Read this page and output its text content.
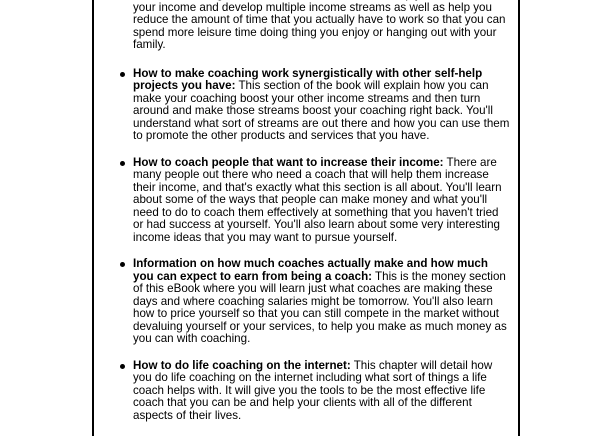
your income and develop multiple income streams as well as help you reduce the amount of time that you actually have to work so that you can spend more leisure time doing thing you enjoy or hanging out with your family.

How to make coaching work synergistically with other self-help projects you have: This section of the book will explain how you can make your coaching boost your other income streams and then turn around and make those streams boost your coaching right back. You'll understand what sort of streams are out there and how you can use them to promote the other products and services that you have.
How to coach people that want to increase their income: There are many people out there who need a coach that will help them increase their income, and that's exactly what this section is all about. You'll learn about some of the ways that people can make money and what you'll need to do to coach them effectively at something that you haven't tried or had success at yourself. You'll also learn about some very interesting income ideas that you may want to pursue yourself.
Information on how much coaches actually make and how much you can expect to earn from being a coach: This is the money section of this eBook where you will learn just what coaches are making these days and where coaching salaries might be tomorrow. You'll also learn how to price yourself so that you can still compete in the market without devaluing yourself or your services, to help you make as much money as you can with coaching.
How to do life coaching on the internet: This chapter will detail how you do life coaching on the internet including what sort of things a life coach helps with. It will give you the tools to be the most effective life coach that you can be and help your clients with all of the different aspects of their lives.
